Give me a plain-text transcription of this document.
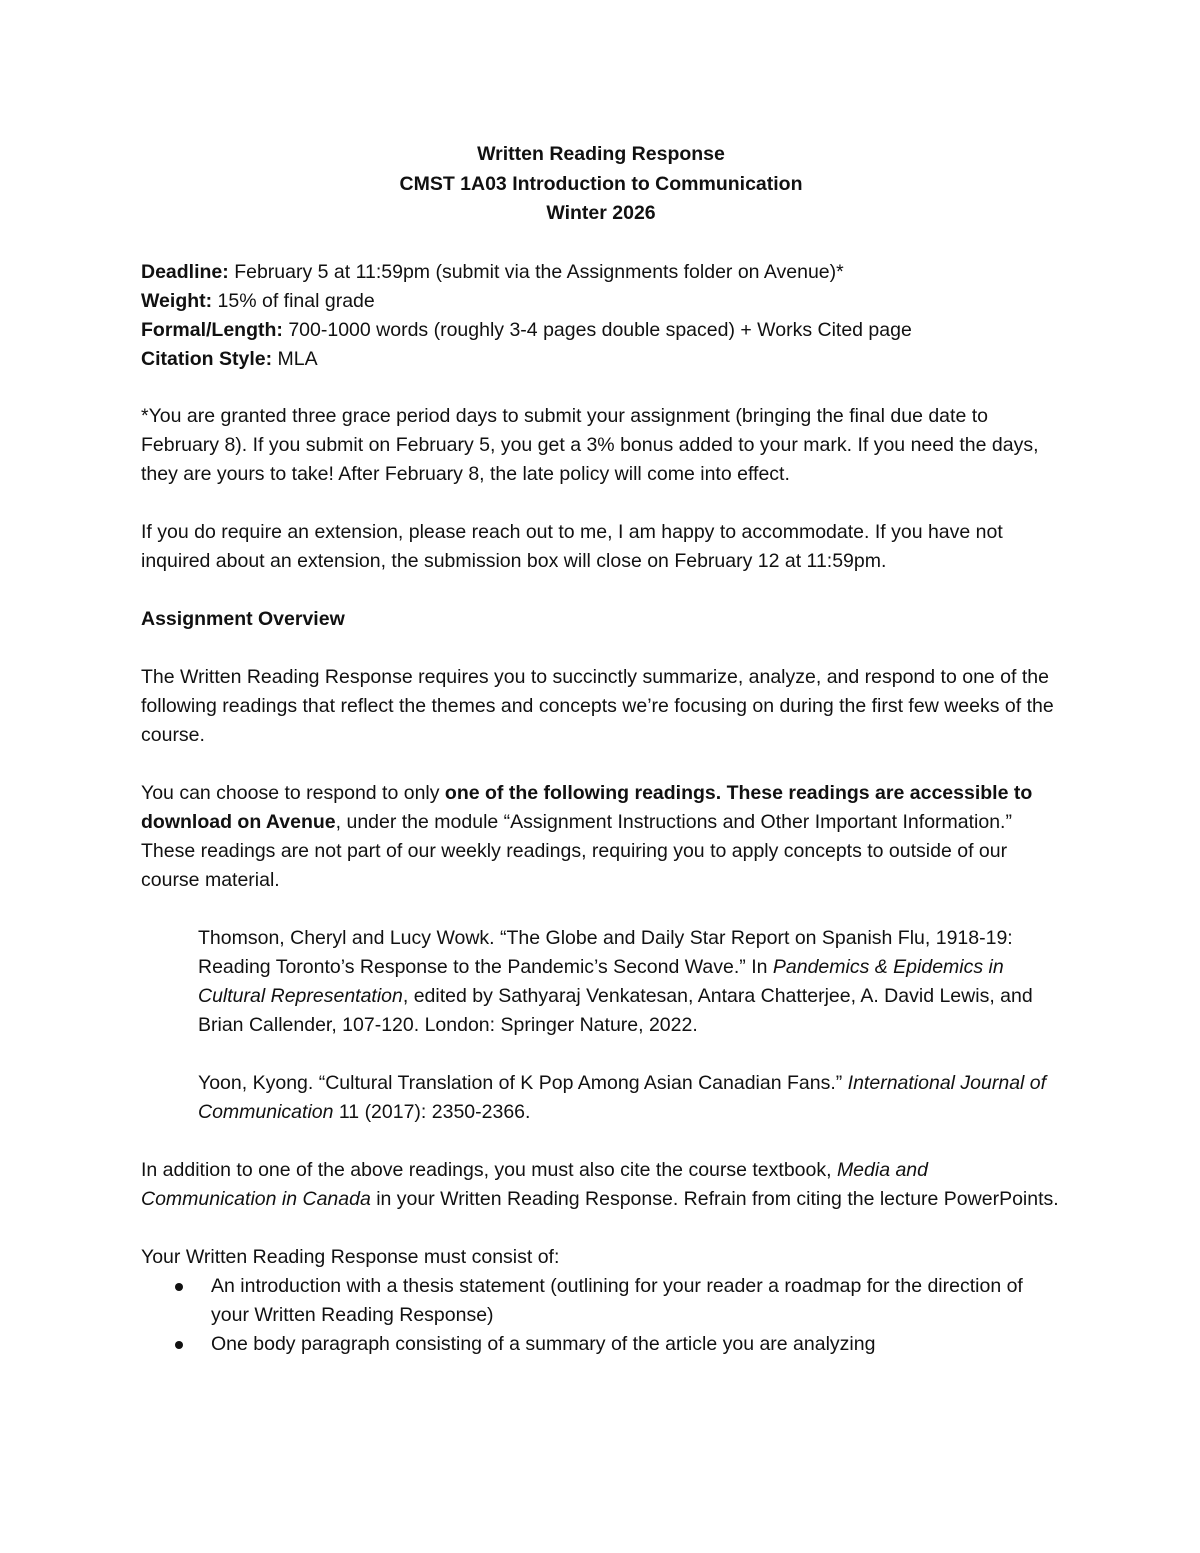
Written Reading Response
CMST 1A03 Introduction to Communication
Winter 2026
Deadline: February 5 at 11:59pm (submit via the Assignments folder on Avenue)*
Weight: 15% of final grade
Formal/Length: 700-1000 words (roughly 3-4 pages double spaced) + Works Cited page
Citation Style: MLA

*You are granted three grace period days to submit your assignment (bringing the final due date to February 8). If you submit on February 5, you get a 3% bonus added to your mark. If you need the days, they are yours to take! After February 8, the late policy will come into effect.

If you do require an extension, please reach out to me, I am happy to accommodate. If you have not inquired about an extension, the submission box will close on February 12 at 11:59pm.

Assignment Overview

The Written Reading Response requires you to succinctly summarize, analyze, and respond to one of the following readings that reflect the themes and concepts we’re focusing on during the first few weeks of the course.

You can choose to respond to only one of the following readings. These readings are accessible to download on Avenue, under the module “Assignment Instructions and Other Important Information.” These readings are not part of our weekly readings, requiring you to apply concepts to outside of our course material.

Thomson, Cheryl and Lucy Wowk. “The Globe and Daily Star Report on Spanish Flu, 1918-19: Reading Toronto’s Response to the Pandemic’s Second Wave.” In Pandemics & Epidemics in Cultural Representation, edited by Sathyaraj Venkatesan, Antara Chatterjee, A. David Lewis, and Brian Callender, 107-120. London: Springer Nature, 2022.
Yoon, Kyong. “Cultural Translation of K Pop Among Asian Canadian Fans.” International Journal of Communication 11 (2017): 2350-2366.

In addition to one of the above readings, you must also cite the course textbook, Media and Communication in Canada in your Written Reading Response. Refrain from citing the lecture PowerPoints.

Your Written Reading Response must consist of:

An introduction with a thesis statement (outlining for your reader a roadmap for the direction of your Written Reading Response)
One body paragraph consisting of a summary of the article you are analyzing
